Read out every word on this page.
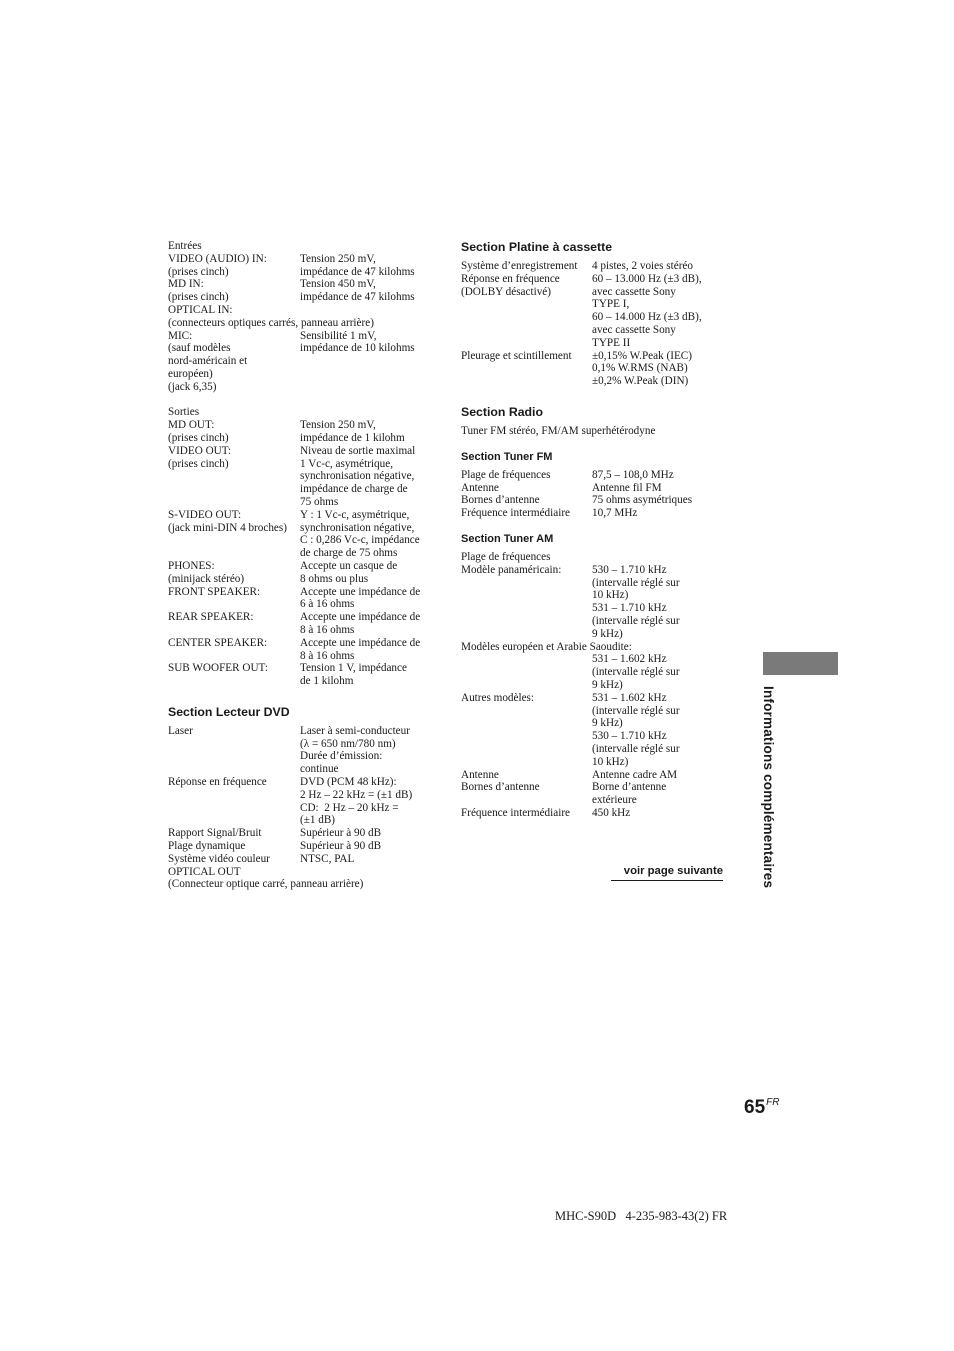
Entrées
VIDEO (AUDIO) IN:	Tension 250 mV,
(prises cinch)	impédance de 47 kilohms
MD IN:	Tension 450 mV,
(prises cinch)	impédance de 47 kilohms
OPTICAL IN:
(connecteurs optiques carrés, panneau arrière)
MIC:	Sensibilité 1 mV,
(sauf modèles	impédance de 10 kilohms
nord-américain et
européen)
(jack 6,35)
Sorties
MD OUT:	Tension 250 mV,
(prises cinch)	impédance de 1 kilohm
VIDEO OUT:	Niveau de sortie maximal
(prises cinch)	1 Vc-c, asymétrique,
synchronisation négative,
impédance de charge de
75 ohms
S-VIDEO OUT:	Y : 1 Vc-c, asymétrique,
(jack mini-DIN 4 broches)	synchronisation négative,
C : 0,286 Vc-c, impédance
de charge de 75 ohms
PHONES:	Accepte un casque de
(minijack stéréo)	8 ohms ou plus
FRONT SPEAKER:	Accepte une impédance de
6 à 16 ohms
REAR SPEAKER:	Accepte une impédance de
8 à 16 ohms
CENTER SPEAKER:	Accepte une impédance de
8 à 16 ohms
SUB WOOFER OUT:	Tension 1 V, impédance
de 1 kilohm
Section Lecteur DVD
Laser	Laser à semi-conducteur
(λ = 650 nm/780 nm)
Durée d’émission:
continue
Réponse en fréquence	DVD (PCM 48 kHz):
2 Hz – 22 kHz = (±1 dB)
CD:  2 Hz – 20 kHz =
(±1 dB)
Rapport Signal/Bruit	Supérieur à 90 dB
Plage dynamique	Supérieur à 90 dB
Système vidéo couleur	NTSC, PAL
OPTICAL OUT
(Connecteur optique carré, panneau arrière)
Section Platine à cassette
Système d’enregistrement	4 pistes, 2 voies stéréo
Réponse en fréquence	60 – 13.000 Hz (±3 dB),
(DOLBY désactivé)	avec cassette Sony
TYPE I,
60 – 14.000 Hz (±3 dB),
avec cassette Sony
TYPE II
Pleurage et scintillement	±0,15% W.Peak (IEC)
0,1% W.RMS (NAB)
±0,2% W.Peak (DIN)
Section Radio
Tuner FM stéréo, FM/AM superhétérodyne
Section Tuner FM
Plage de fréquences	87,5 – 108,0 MHz
Antenne	Antenne fil FM
Bornes d’antenne	75 ohms asymétriques
Fréquence intermédiaire	10,7 MHz
Section Tuner AM
Plage de fréquences
Modèle panaméricain:	530 – 1.710 kHz
(intervalle réglé sur
10 kHz)
531 – 1.710 kHz
(intervalle réglé sur
9 kHz)
Modèles européen et Arabie Saoudite:
531 – 1.602 kHz
(intervalle réglé sur
9 kHz)
Autres modèles:	531 – 1.602 kHz
(intervalle réglé sur
9 kHz)
530 – 1.710 kHz
(intervalle réglé sur
10 kHz)
Antenne	Antenne cadre AM
Bornes d’antenne	Borne d’antenne
extérieure
Fréquence intermédiaire	450 kHz
voir page suivante	Informations complémentaires
$65^{FR}$
MHC-S90D   4-235-983-43(2) FR
